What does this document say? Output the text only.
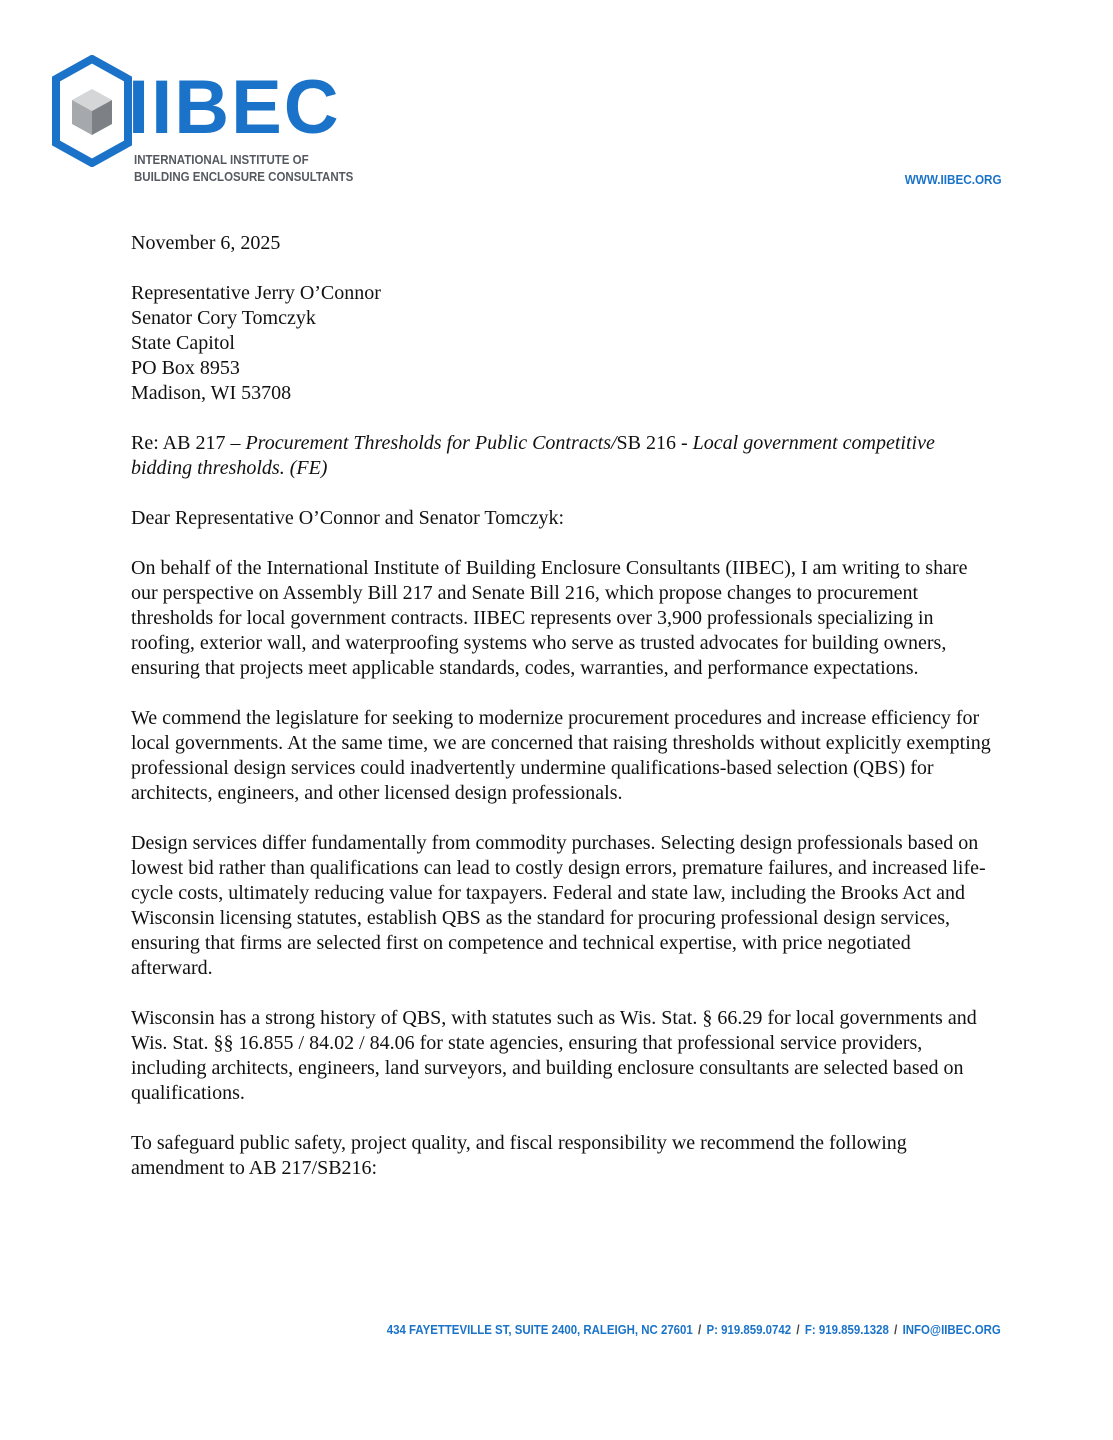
IIBEC
INTERNATIONAL INSTITUTE OF
BUILDING ENCLOSURE CONSULTANTS	WWW.IIBEC.ORG

November 6, 2025

Representative Jerry O’Connor
Senator Cory Tomczyk
State Capitol
PO Box 8953
Madison, WI 53708

Re: AB 217 – Procurement Thresholds for Public Contracts/SB 216 - Local government competitive bidding thresholds. (FE)

Dear Representative O’Connor and Senator Tomczyk:

On behalf of the International Institute of Building Enclosure Consultants (IIBEC), I am writing to share our perspective on Assembly Bill 217 and Senate Bill 216, which propose changes to procurement thresholds for local government contracts. IIBEC represents over 3,900 professionals specializing in roofing, exterior wall, and waterproofing systems who serve as trusted advocates for building owners, ensuring that projects meet applicable standards, codes, warranties, and performance expectations.

We commend the legislature for seeking to modernize procurement procedures and increase efficiency for local governments. At the same time, we are concerned that raising thresholds without explicitly exempting professional design services could inadvertently undermine qualifications-based selection (QBS) for architects, engineers, and other licensed design professionals.

Design services differ fundamentally from commodity purchases. Selecting design professionals based on lowest bid rather than qualifications can lead to costly design errors, premature failures, and increased life-cycle costs, ultimately reducing value for taxpayers. Federal and state law, including the Brooks Act and Wisconsin licensing statutes, establish QBS as the standard for procuring professional design services, ensuring that firms are selected first on competence and technical expertise, with price negotiated afterward.

Wisconsin has a strong history of QBS, with statutes such as Wis. Stat. § 66.29 for local governments and Wis. Stat. §§ 16.855 / 84.02 / 84.06 for state agencies, ensuring that professional service providers, including architects, engineers, land surveyors, and building enclosure consultants are selected based on qualifications.

To safeguard public safety, project quality, and fiscal responsibility we recommend the following amendment to AB 217/SB216:

434 FAYETTEVILLE ST, SUITE 2400, RALEIGH, NC 27601 / P: 919.859.0742 / F: 919.859.1328 / INFO@IIBEC.ORG
